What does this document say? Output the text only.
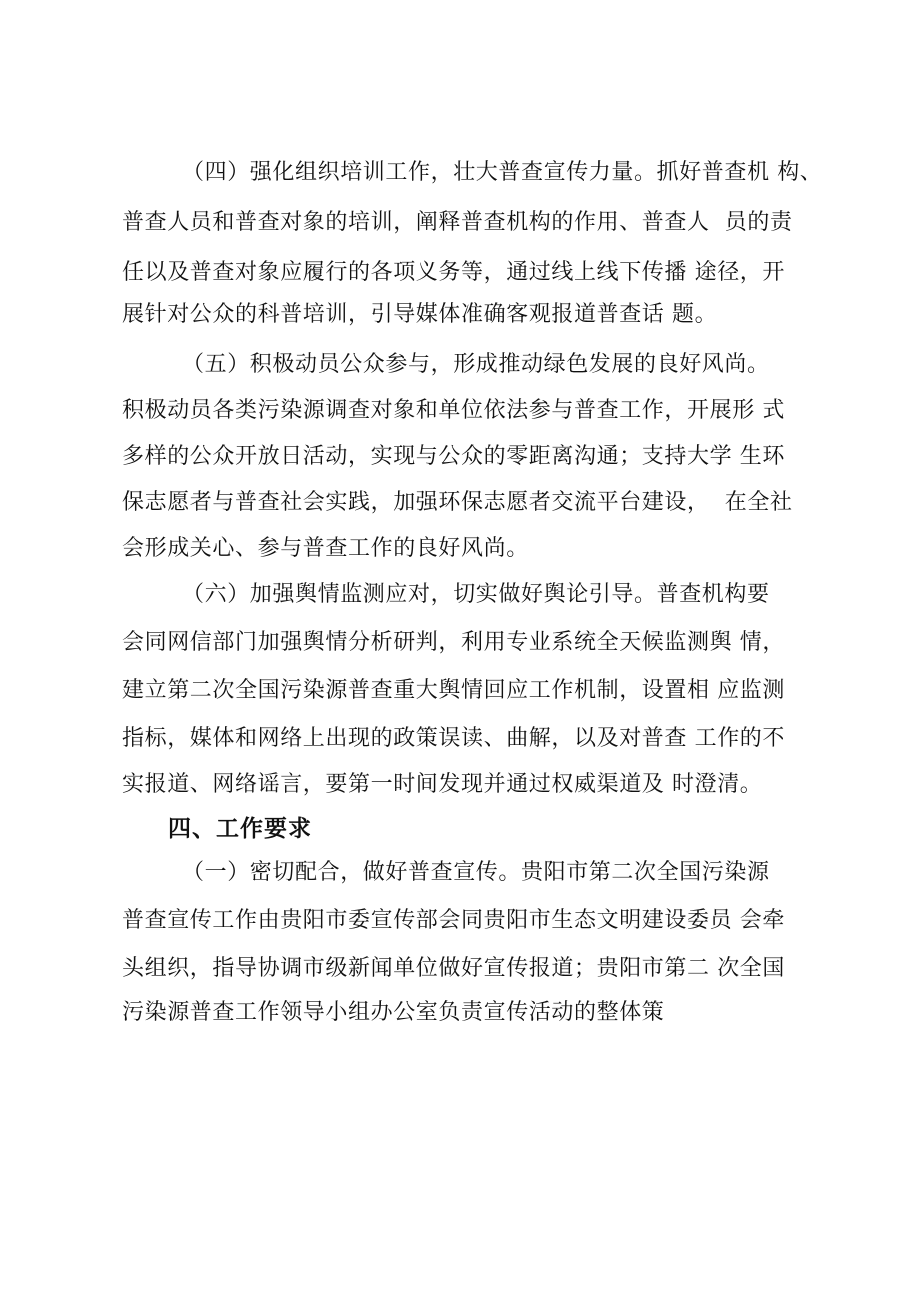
（四）强化组织培训工作，壮大普查宣传力量。抓好普查机 构、
普查人员和普查对象的培训，阐释普查机构的作用、普查人  员的责
任以及普查对象应履行的各项义务等，通过线上线下传播 途径，开
展针对公众的科普培训，引导媒体准确客观报道普查话 题。
（五）积极动员公众参与，形成推动绿色发展的良好风尚。
积极动员各类污染源调查对象和单位依法参与普查工作，开展形 式
多样的公众开放日活动，实现与公众的零距离沟通；支持大学 生环
保志愿者与普查社会实践，加强环保志愿者交流平台建设，  在全社
会形成关心、参与普查工作的良好风尚。
（六）加强舆情监测应对，切实做好舆论引导。普查机构要
会同网信部门加强舆情分析研判，利用专业系统全天候监测舆 情，
建立第二次全国污染源普查重大舆情回应工作机制，设置相 应监测
指标，媒体和网络上出现的政策误读、曲解，以及对普查 工作的不
实报道、网络谣言，要第一时间发现并通过权威渠道及 时澄清。
四、工作要求
（一）密切配合，做好普查宣传。贵阳市第二次全国污染源
普查宣传工作由贵阳市委宣传部会同贵阳市生态文明建设委员 会牵
头组织，指导协调市级新闻单位做好宣传报道；贵阳市第二 次全国
污染源普查工作领导小组办公室负责宣传活动的整体策
